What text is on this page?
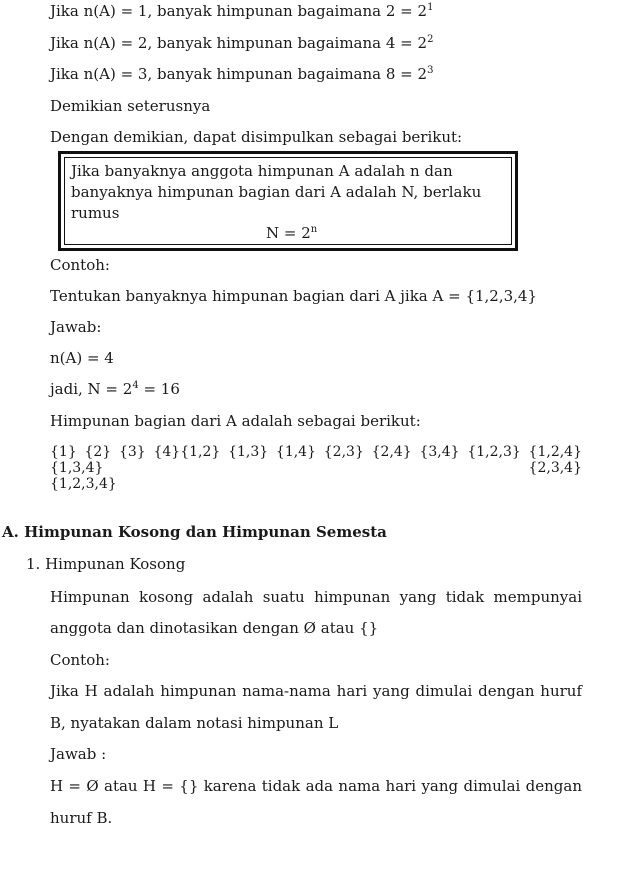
Jika n(A) = 1, banyak himpunan bagaimana $2 = 2^1$
Jika n(A) = 2, banyak himpunan bagaimana $4 = 2^2$
Jika n(A) = 3, banyak himpunan bagaimana $8 = 2^3$
Demikian seterusnya
Dengan demikian, dapat disimpulkan sebagai berikut:
Jika banyaknya anggota himpunan A adalah n dan
banyaknya himpunan bagian dari A adalah N, berlaku
rumus
$N = 2^n$
Contoh:
Tentukan banyaknya himpunan bagian dari A jika A = {1,2,3,4}
Jawab:
n(A) = 4
jadi, $N = 2^4 = 16$
Himpunan bagian dari A adalah sebagai berikut:
{1} {2} {3} {4}{1,2} {1,3} {1,4} {2,3} {2,4} {3,4} {1,2,3} {1,2,4} {1,3,4} {2,3,4}
{1,2,3,4}
A. Himpunan Kosong dan Himpunan Semesta
1. Himpunan Kosong
Himpunan kosong adalah suatu himpunan yang tidak mempunyai
anggota dan dinotasikan dengan Ø atau {}
Contoh:
Jika H adalah himpunan nama-nama hari yang dimulai dengan huruf
B, nyatakan dalam notasi himpunan L
Jawab :
H = Ø atau H = {} karena tidak ada nama hari yang dimulai dengan
huruf B.
